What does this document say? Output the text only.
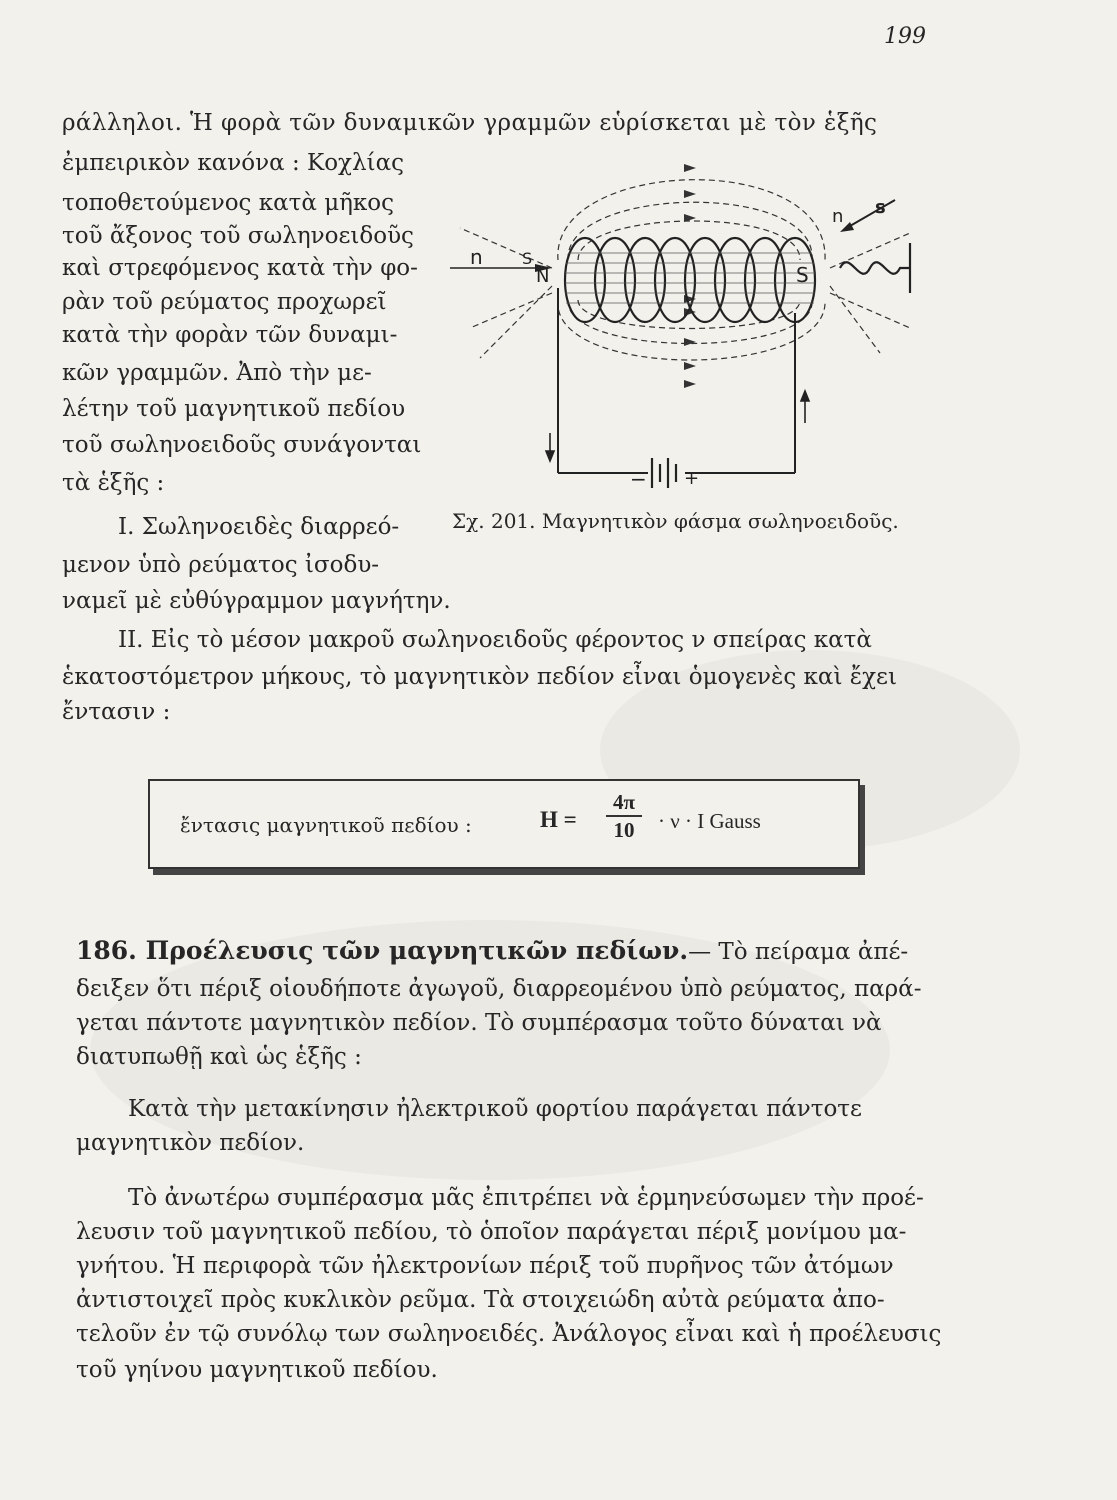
199
ράλληλοι. Ἡ φορὰ τῶν δυναμικῶν γραμμῶν εὑρίσκεται μὲ τὸν ἑξῆς
ἐμπειρικὸν κανόνα : Κοχλίας
τοποθετούμενος κατὰ μῆκος
τοῦ ἄξονος τοῦ σωληνοειδοῦς
καὶ στρεφόμενος κατὰ τὴν φο-
ρὰν τοῦ ρεύματος προχωρεῖ
κατὰ τὴν φορὰν τῶν δυναμι-
κῶν γραμμῶν. Ἀπὸ τὴν με-
λέτην τοῦ μαγνητικοῦ πεδίου
τοῦ σωληνοειδοῦς συνάγονται
τὰ ἑξῆς :
I. Σωληνοειδὲς διαρρεό-
μενον ὑπὸ ρεύματος ἰσοδυ-
ναμεῖ μὲ εὐθύγραμμον μαγνήτην.
II. Εἰς τὸ μέσον μακροῦ σωληνοειδοῦς φέροντος ν σπείρας κατὰ
ἑκατοστόμετρον μήκους, τὸ μαγνητικὸν πεδίον εἶναι ὁμογενὲς καὶ ἔχει
ἔντασιν :
n S
N	S
n s
− +
Σχ. 201. Μαγνητικὸν φάσμα σωληνοειδοῦς.
ἔντασις μαγνητικοῦ πεδίου :	$H = \frac{4\pi}{10} \cdot \nu \cdot I$ Gauss
186. Προέλευσις τῶν μαγνητικῶν πεδίων.— Τὸ πείραμα ἀπέ-
δειξεν ὅτι πέριξ οἱουδήποτε ἀγωγοῦ, διαρρεομένου ὑπὸ ρεύματος, παρά-
γεται πάντοτε μαγνητικὸν πεδίον. Τὸ συμπέρασμα τοῦτο δύναται νὰ
διατυπωθῇ καὶ ὡς ἑξῆς :
Κατὰ τὴν μετακίνησιν ἠλεκτρικοῦ φορτίου παράγεται πάντοτε
μαγνητικὸν πεδίον.
Τὸ ἀνωτέρω συμπέρασμα μᾶς ἐπιτρέπει νὰ ἑρμηνεύσωμεν τὴν προέ-
λευσιν τοῦ μαγνητικοῦ πεδίου, τὸ ὁποῖον παράγεται πέριξ μονίμου μα-
γνήτου. Ἡ περιφορὰ τῶν ἠλεκτρονίων πέριξ τοῦ πυρῆνος τῶν ἀτόμων
ἀντιστοιχεῖ πρὸς κυκλικὸν ρεῦμα. Τὰ στοιχειώδη αὐτὰ ρεύματα ἀπο-
τελοῦν ἐν τῷ συνόλῳ των σωληνοειδές. Ἀνάλογος εἶναι καὶ ἡ προέλευσις
τοῦ γηίνου μαγνητικοῦ πεδίου.
